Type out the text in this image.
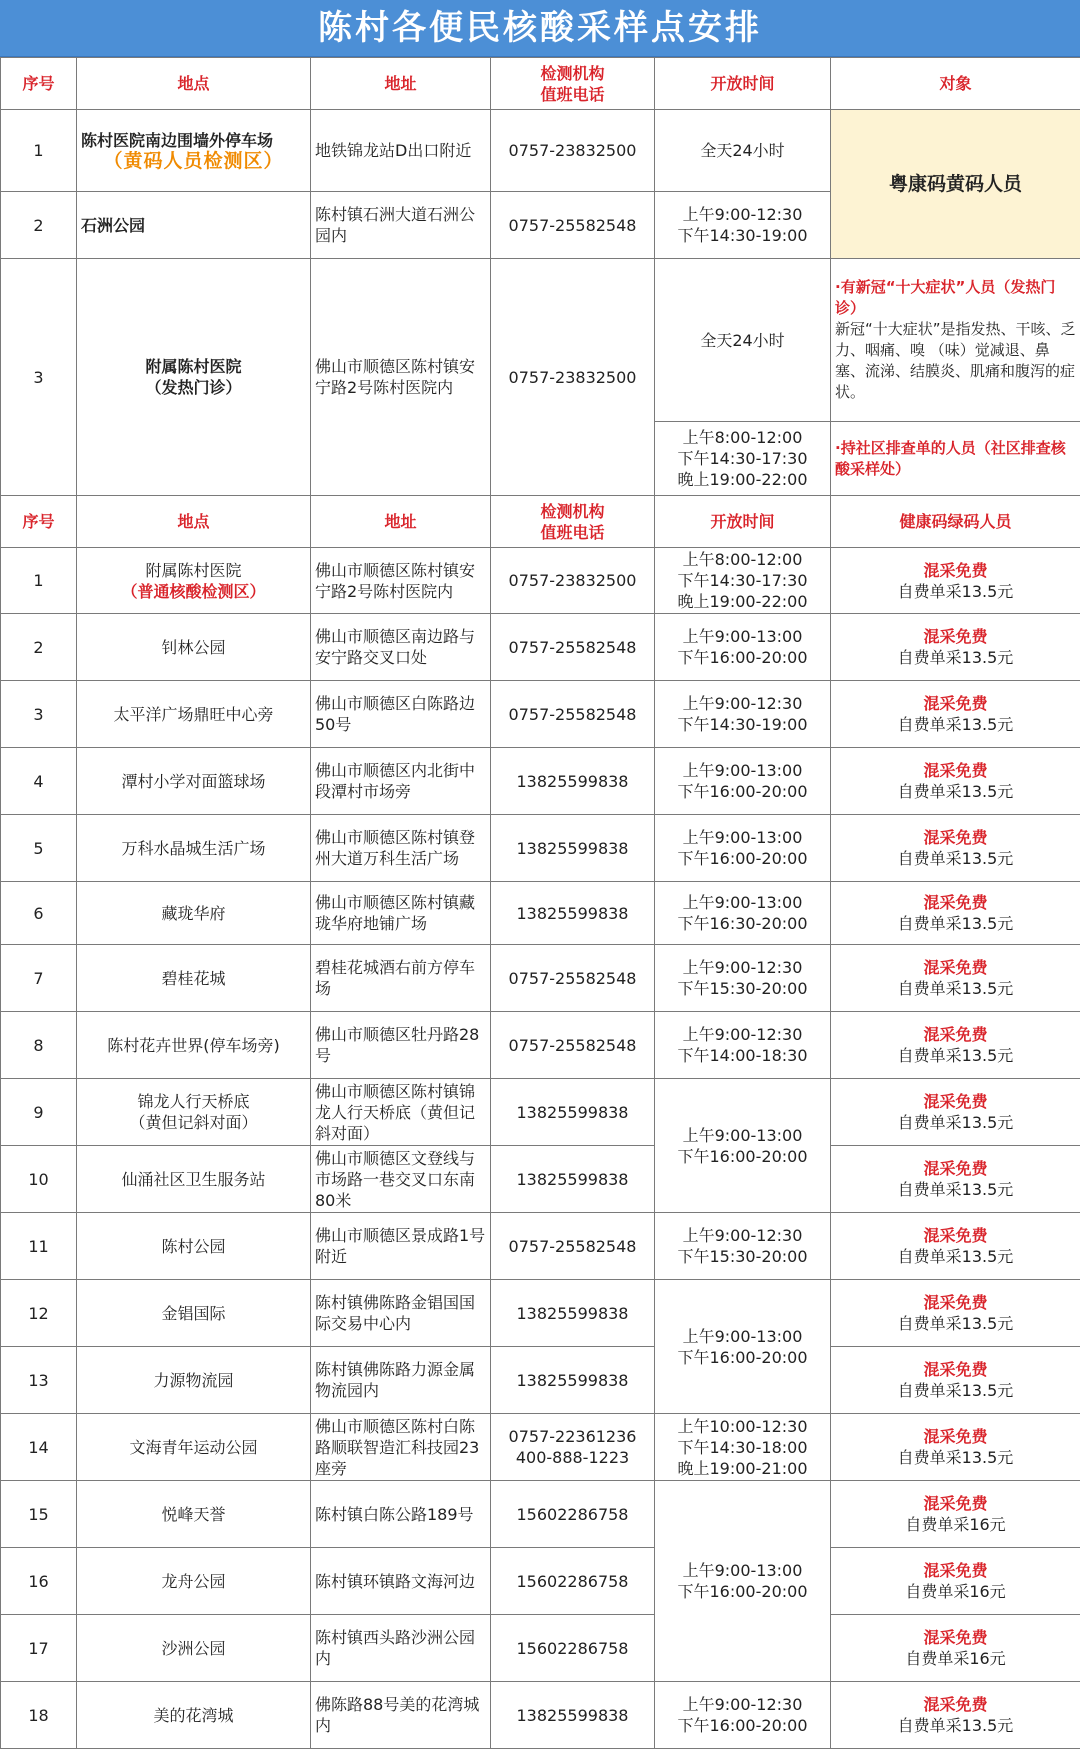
陈村各便民核酸采样点安排
序号	地点	地址	检测机构
值班电话	开放时间	对象
1	陈村医院南边围墙外停车场
（黄码人员检测区）	地铁锦龙站D出口附近	0757-23832500	全天24小时	粤康码黄码人员
2	石洲公园	陈村镇石洲大道石洲公园内	0757-25582548	上午9:00-12:30
下午14:30-19:00	

3	附属陈村医院
（发热门诊）	佛山市顺德区陈村镇安宁路2号陈村医院内	0757-23832500	全天24小时	·有新冠“十大症状”人员（发热门诊）
新冠“十大症状”是指发热、干咳、乏力、咽痛、嗅 （味）觉减退、鼻塞、流涕、结膜炎、肌痛和腹泻的症状。

				上午8:00-12:00
下午14:30-17:30
晚上19:00-22:00	·持社区排查单的人员（社区排查核酸采样处）
序号	地点	地址	检测机构
值班电话	开放时间	健康码绿码人员
1	附属陈村医院
（普通核酸检测区）	佛山市顺德区陈村镇安宁路2号陈村医院内	0757-23832500	上午8:00-12:00
下午14:30-17:30
晚上19:00-22:00	混采免费
自费单采13.5元

2	钊林公园	佛山市顺德区南边路与安宁路交叉口处	0757-25582548	上午9:00-13:00
下午16:00-20:00	混采免费
自费单采13.5元

3	太平洋广场鼎旺中心旁	佛山市顺德区白陈路边50号	0757-25582548	上午9:00-12:30
下午14:30-19:00	混采免费
自费单采13.5元

4	潭村小学对面篮球场	佛山市顺德区内北街中段潭村市场旁	13825599838	上午9:00-13:00
下午16:00-20:00	混采免费
自费单采13.5元

5	万科水晶城生活广场	佛山市顺德区陈村镇登州大道万科生活广场	13825599838	上午9:00-13:00
下午16:00-20:00	混采免费
自费单采13.5元

6	藏珑华府	佛山市顺德区陈村镇藏珑华府地铺广场	13825599838	上午9:00-13:00
下午16:30-20:00	混采免费
自费单采13.5元

7	碧桂花城	碧桂花城酒右前方停车场	0757-25582548	上午9:00-12:30
下午15:30-20:00	混采免费
自费单采13.5元

8	陈村花卉世界(停车场旁)	佛山市顺德区牡丹路28号	0757-25582548	上午9:00-12:30
下午14:00-18:30	混采免费
自费单采13.5元

9	锦龙人行天桥底
（黄但记斜对面）	佛山市顺德区陈村镇锦龙人行天桥底（黄但记斜对面）	13825599838	上午9:00-13:00
下午16:00-20:00	混采免费
自费单采13.5元

10	仙涌社区卫生服务站	佛山市顺德区文登线与市场路一巷交叉口东南80米	13825599838		混采免费
自费单采13.5元

11	陈村公园	佛山市顺德区景成路1号附近	0757-25582548	上午9:00-12:30
下午15:30-20:00	混采免费
自费单采13.5元

12	金锠国际	陈村镇佛陈路金锠国国际交易中心内	13825599838	上午9:00-13:00
下午16:00-20:00	混采免费
自费单采13.5元

13	力源物流园	陈村镇佛陈路力源金属物流园内	13825599838		混采免费
自费单采13.5元

14	文海青年运动公园	佛山市顺德区陈村白陈路顺联智造汇科技园23座旁	0757-22361236
400-888-1223	上午10:00-12:30
下午14:30-18:00
晚上19:00-21:00	混采免费
自费单采13.5元

15	悦峰天誉	陈村镇白陈公路189号	15602286758	上午9:00-13:00
下午16:00-20:00	混采免费
自费单采16元

16	龙舟公园	陈村镇环镇路文海河边	15602286758		混采免费
自费单采16元

17	沙洲公园	陈村镇西头路沙洲公园内	15602286758		混采免费
自费单采16元

18	美的花湾城	佛陈路88号美的花湾城内	13825599838	上午9:00-12:30
下午16:00-20:00	混采免费
自费单采13.5元
